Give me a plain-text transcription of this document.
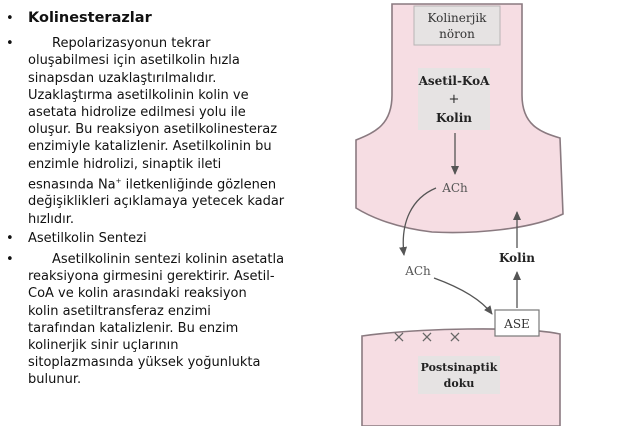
• Kolinesterazlar
•	Repolarizasyonun tekrar
oluşabilmesi için asetilkolin hızla
sinapsdan uzaklaştırılmalıdır.
Uzaklaştırma asetilkolinin kolin ve
asetata hidrolize edilmesi yolu ile
oluşur. Bu reaksiyon asetilkolinesteraz
enzimiyle katalizlenir. Asetilkolinin bu
enzimle hidrolizi, sinaptik ileti
esnasında Na+ iletkenliğinde gözlenen
değişiklikleri açıklamaya yetecek kadar
hızlıdır.
•	Asetilkolin Sentezi
•	Asetilkolinin sentezi kolinin asetatla
reaksiyona girmesini gerektirir. Asetil-
CoA ve kolin arasındaki reaksiyon
kolin asetiltransferaz enzimi
tarafından katalizlenir. Bu enzim
kolinerjik sinir uçlarının
sitoplazmasında yüksek yoğunlukta
bulunur.
Kolinerjik
nöron
Asetil-KoA
+
Kolin
ACh
ACh
Kolin
ASE
× × ×
Postsinaptik
doku
